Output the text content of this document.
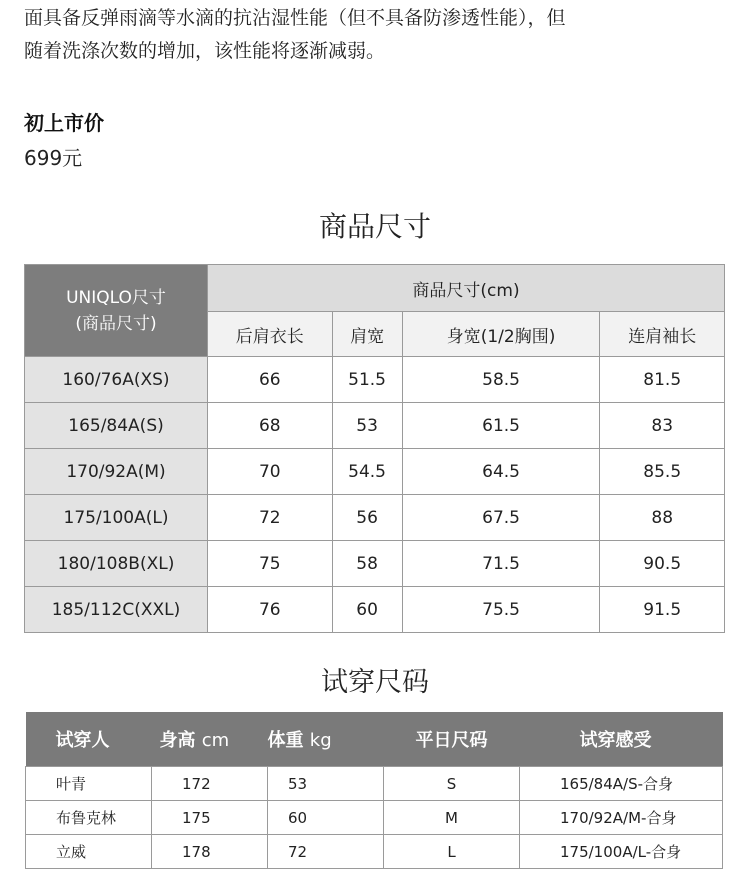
面具备反弹雨滴等水滴的抗沾湿性能（但不具备防渗透性能），但
随着洗涤次数的增加，该性能将逐渐减弱。

初上市价
699元
商品尺寸
UNIQLO尺寸
(商品尺寸)	商品尺寸(cm)			
	后肩衣长	肩宽	身宽(1/2胸围)	连肩袖长
160/76A(XS)	66	51.5	58.5	81.5
165/84A(S)	68	53	61.5	83
170/92A(M)	70	54.5	64.5	85.5
175/100A(L)	72	56	67.5	88
180/108B(XL)	75	58	71.5	90.5
185/112C(XXL)	76	60	75.5	91.5
试穿尺码
试穿人	身高 cm	体重 kg	平日尺码	试穿感受
叶青	172	53	S	165/84A/S-合身
布鲁克林	175	60	M	170/92A/M-合身
立威	178	72	L	175/100A/L-合身
